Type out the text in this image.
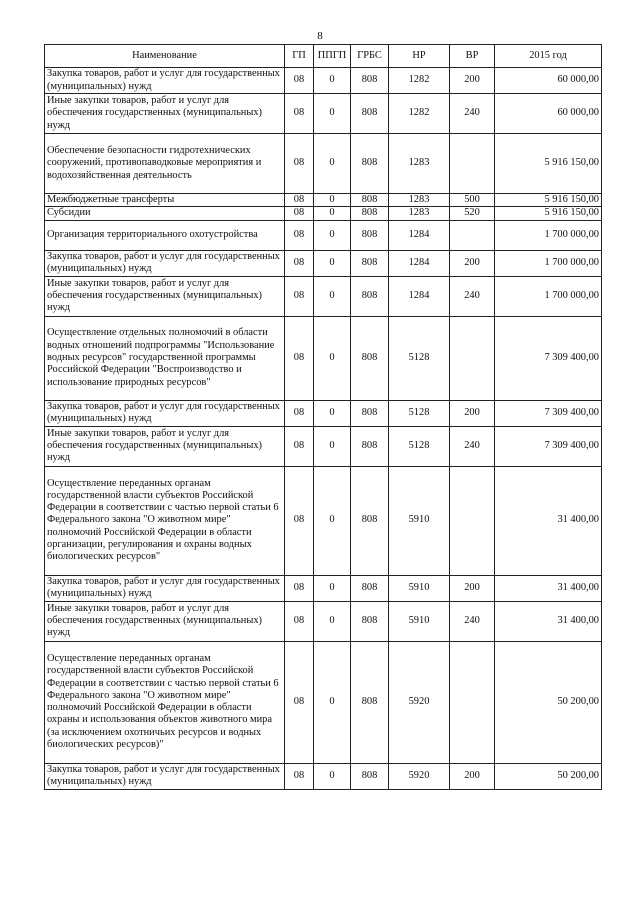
8
Наименование	ГП	ППГП	ГРБС	НР	ВР	2015 год
Закупка товаров, работ и услуг для государственных (муниципальных) нужд	08	0	808	1282	200	60 000,00
Иные закупки товаров, работ и услуг для обеспечения государственных (муниципальных) нужд	08	0	808	1282	240	60 000,00
Обеспечение безопасности гидротехнических сооружений, противопаводковые мероприятия и водохозяйственная деятельность	08	0	808	1283		5 916 150,00
Межбюджетные трансферты	08	0	808	1283	500	5 916 150,00
Субсидии	08	0	808	1283	520	5 916 150,00
Организация территориального охотустройства	08	0	808	1284		1 700 000,00
Закупка товаров, работ и услуг для государственных (муниципальных) нужд	08	0	808	1284	200	1 700 000,00
Иные закупки товаров, работ и услуг для обеспечения государственных (муниципальных) нужд	08	0	808	1284	240	1 700 000,00
Осуществление отдельных полномочий в области водных отношений подпрограммы "Использование водных ресурсов" государственной программы Российской Федерации "Воспроизводство и использование природных ресурсов"	08	0	808	5128		7 309 400,00
Закупка товаров, работ и услуг для государственных (муниципальных) нужд	08	0	808	5128	200	7 309 400,00
Иные закупки товаров, работ и услуг для обеспечения государственных (муниципальных) нужд	08	0	808	5128	240	7 309 400,00
Осуществление переданных органам государственной власти субъектов Российской Федерации в соответствии с частью первой статьи 6 Федерального закона "О животном мире" полномочий Российской Федерации в области организации, регулирования и охраны водных биологических ресурсов"	08	0	808	5910		31 400,00
Закупка товаров, работ и услуг для государственных (муниципальных) нужд	08	0	808	5910	200	31 400,00
Иные закупки товаров, работ и услуг для обеспечения государственных (муниципальных) нужд	08	0	808	5910	240	31 400,00
Осуществление переданных органам государственной власти субъектов Российской Федерации в соответствии с частью первой статьи 6 Федерального закона "О животном мире" полномочий Российской Федерации в области охраны и использования объектов животного мира (за исключением охотничьих ресурсов и водных биологических ресурсов)"	08	0	808	5920		50 200,00
Закупка товаров, работ и услуг для государственных (муниципальных) нужд	08	0	808	5920	200	50 200,00
